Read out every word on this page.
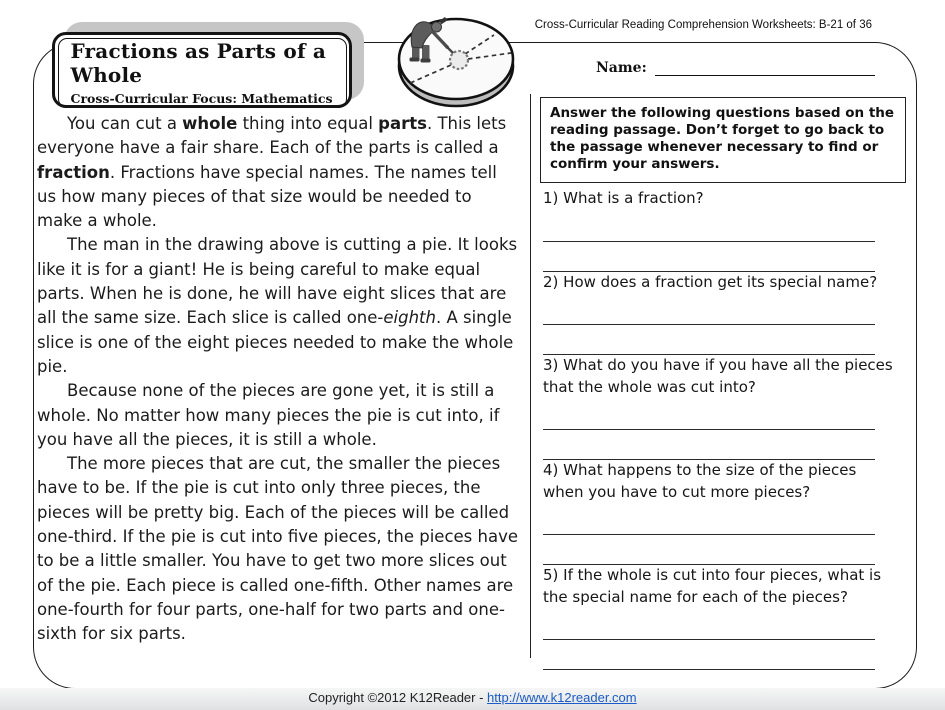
Cross-Curricular Reading Comprehension Worksheets: B-21 of 36
Fractions as Parts of a Whole
Cross-Curricular Focus: Mathematics
Name:

You can cut a whole thing into equal parts. This lets everyone have a fair share. Each of the parts is called a fraction. Fractions have special names. The names tell us how many pieces of that size would be needed to make a whole.

The man in the drawing above is cutting a pie. It looks like it is for a giant! He is being careful to make equal parts. When he is done, he will have eight slices that are all the same size. Each slice is called one-eighth. A single slice is one of the eight pieces needed to make the whole pie.

Because none of the pieces are gone yet, it is still a whole. No matter how many pieces the pie is cut into, if you have all the pieces, it is still a whole.

The more pieces that are cut, the smaller the pieces have to be. If the pie is cut into only three pieces, the pieces will be pretty big. Each of the pieces will be called one-third. If the pie is cut into five pieces, the pieces have to be a little smaller. You have to get two more slices out of the pie. Each piece is called one-fifth. Other names are one-fourth for four parts, one-half for two parts and one-sixth for six parts.

Answer the following questions based on the reading passage. Don’t forget to go back to the passage whenever necessary to find or confirm your answers.
1) What is a fraction?
2) How does a fraction get its special name?
3) What do you have if you have all the pieces that the whole was cut into?
4) What happens to the size of the pieces when you have to cut more pieces?
5) If the whole is cut into four pieces, what is the special name for each of the pieces?
Copyright ©2012 K12Reader - http://www.k12reader.com
